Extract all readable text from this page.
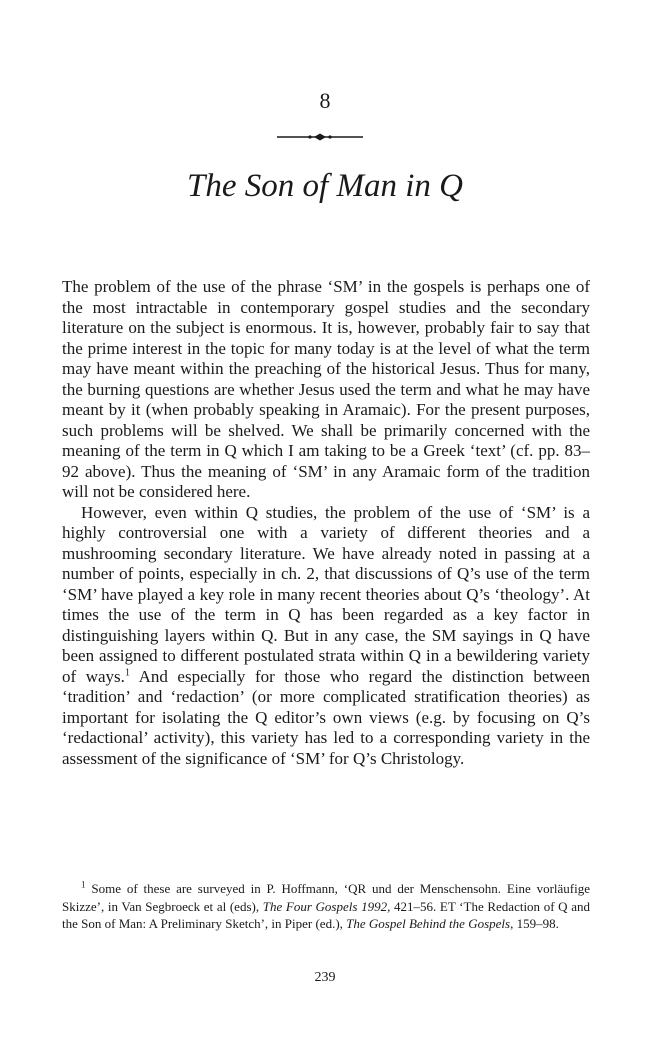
8
The Son of Man in Q

The problem of the use of the phrase ‘SM’ in the gospels is perhaps one of the most intractable in contemporary gospel studies and the secondary literature on the subject is enormous. It is, however, probably fair to say that the prime interest in the topic for many today is at the level of what the term may have meant within the preaching of the historical Jesus. Thus for many, the burning questions are whether Jesus used the term and what he may have meant by it (when probably speaking in Aramaic). For the present purposes, such problems will be shelved. We shall be primarily concerned with the meaning of the term in Q which I am taking to be a Greek ‘text’ (cf. pp. 83–92 above). Thus the meaning of ‘SM’ in any Aramaic form of the tradition will not be considered here.

However, even within Q studies, the problem of the use of ‘SM’ is a highly controversial one with a variety of different theories and a mushrooming secondary literature. We have already noted in passing at a number of points, especially in ch. 2, that discussions of Q’s use of the term ‘SM’ have played a key role in many recent theories about Q’s ‘theology’. At times the use of the term in Q has been regarded as a key factor in distinguishing layers within Q. But in any case, the SM sayings in Q have been assigned to different postulated strata within Q in a bewildering variety of ways.$^1$ And especially for those who regard the distinction between ‘tradition’ and ‘redaction’ (or more complicated stratification theories) as important for isolating the Q editor’s own views (e.g. by focusing on Q’s ‘redactional’ activity), this variety has led to a corresponding variety in the assessment of the significance of ‘SM’ for Q’s Christology.

$^1$ Some of these are surveyed in P. Hoffmann, ‘QR und der Menschensohn. Eine vorläufige Skizze’, in Van Segbroeck et al (eds), The Four Gospels 1992, 421–56. ET ‘The Redaction of Q and the Son of Man: A Preliminary Sketch’, in Piper (ed.), The Gospel Behind the Gospels, 159–98.
239
